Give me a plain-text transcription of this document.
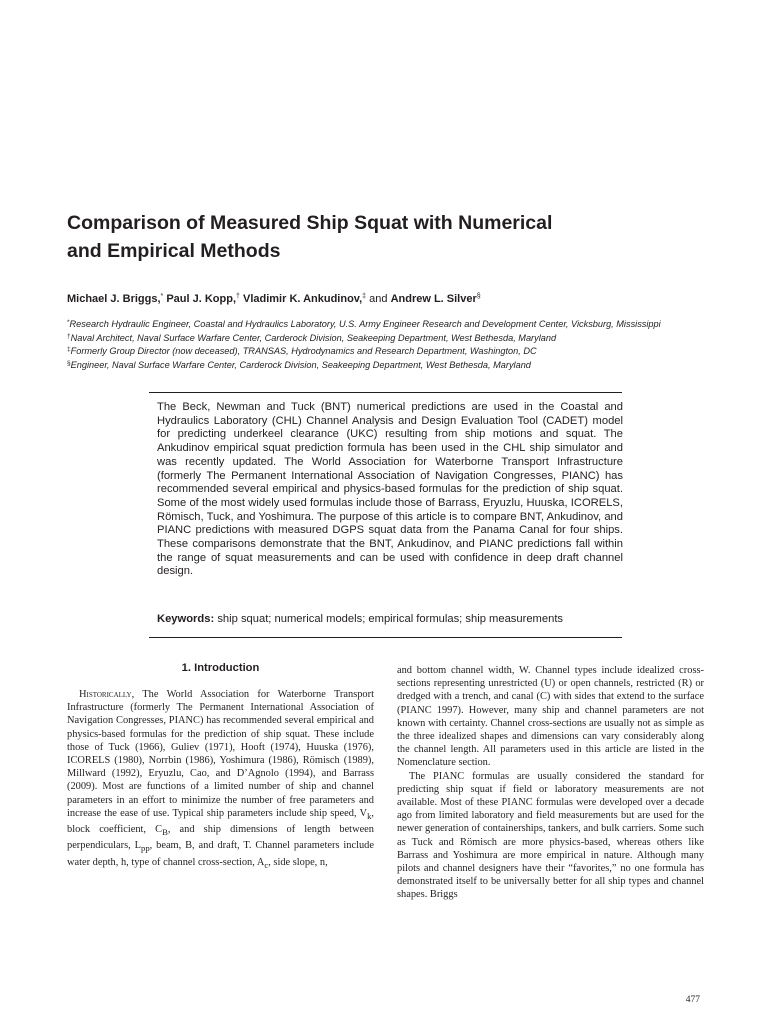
Comparison of Measured Ship Squat with Numerical
and Empirical Methods
Michael J. Briggs,* Paul J. Kopp,† Vladimir K. Ankudinov,‡ and Andrew L. Silver§
*Research Hydraulic Engineer, Coastal and Hydraulics Laboratory, U.S. Army Engineer Research and Development Center, Vicksburg, Mississippi
†Naval Architect, Naval Surface Warfare Center, Carderock Division, Seakeeping Department, West Bethesda, Maryland
‡Formerly Group Director (now deceased), TRANSAS, Hydrodynamics and Research Department, Washington, DC
§Engineer, Naval Surface Warfare Center, Carderock Division, Seakeeping Department, West Bethesda, Maryland

The Beck, Newman and Tuck (BNT) numerical predictions are used in the Coastal and Hydraulics Laboratory (CHL) Channel Analysis and Design Evaluation Tool (CADET) model for predicting underkeel clearance (UKC) resulting from ship motions and squat. The Ankudinov empirical squat prediction formula has been used in the CHL ship simulator and was recently updated. The World Association for Waterborne Transport Infrastructure (formerly The Permanent International Association of Navigation Congresses, PIANC) has recommended several empirical and physics-based formulas for the prediction of ship squat. Some of the most widely used formulas include those of Barrass, Eryuzlu, Huuska, ICORELS, Römisch, Tuck, and Yoshimura. The purpose of this article is to compare BNT, Ankudinov, and PIANC predictions with measured DGPS squat data from the Panama Canal for four ships. These comparisons demonstrate that the BNT, Ankudinov, and PIANC predictions fall within the range of squat measurements and can be used with confidence in deep draft channel design.

Keywords: ship squat; numerical models; empirical formulas; ship measurements
1. Introduction

Historically, The World Association for Waterborne Transport Infrastructure (formerly The Permanent International Association of Navigation Congresses, PIANC) has recommended several empirical and physics-based formulas for the prediction of ship squat. These include those of Tuck (1966), Guliev (1971), Hooft (1974), Huuska (1976), ICORELS (1980), Norrbin (1986), Yoshimura (1986), Römisch (1989), Millward (1992), Eryuzlu, Cao, and D’Agnolo (1994), and Barrass (2009). Most are functions of a limited number of ship and channel parameters in an effort to minimize the number of free parameters and increase the ease of use. Typical ship parameters include ship speed, $V_k$, block coefficient, $C_B$, and ship dimensions of length between perpendiculars, $L_{pp}$, beam, B, and draft, T. Channel parameters include water depth, h, type of channel cross-section, $A_c$, side slope, n,

and bottom channel width, W. Channel types include idealized cross-sections representing unrestricted (U) or open channels, restricted (R) or dredged with a trench, and canal (C) with sides that extend to the surface (PIANC 1997). However, many ship and channel parameters are not known with certainty. Channel cross-sections are usually not as simple as the three idealized shapes and dimensions can vary considerably along the channel length. All parameters used in this article are listed in the Nomenclature section.

The PIANC formulas are usually considered the standard for predicting ship squat if field or laboratory measurements are not available. Most of these PIANC formulas were developed over a decade ago from limited laboratory and field measurements but are used for the newer generation of containerships, tankers, and bulk carriers. Some such as Tuck and Römisch are more physics-based, whereas others like Barrass and Yoshimura are more empirical in nature. Although many pilots and channel designers have their “favorites,” no one formula has demonstrated itself to be universally better for all ship types and channel shapes. Briggs

477
